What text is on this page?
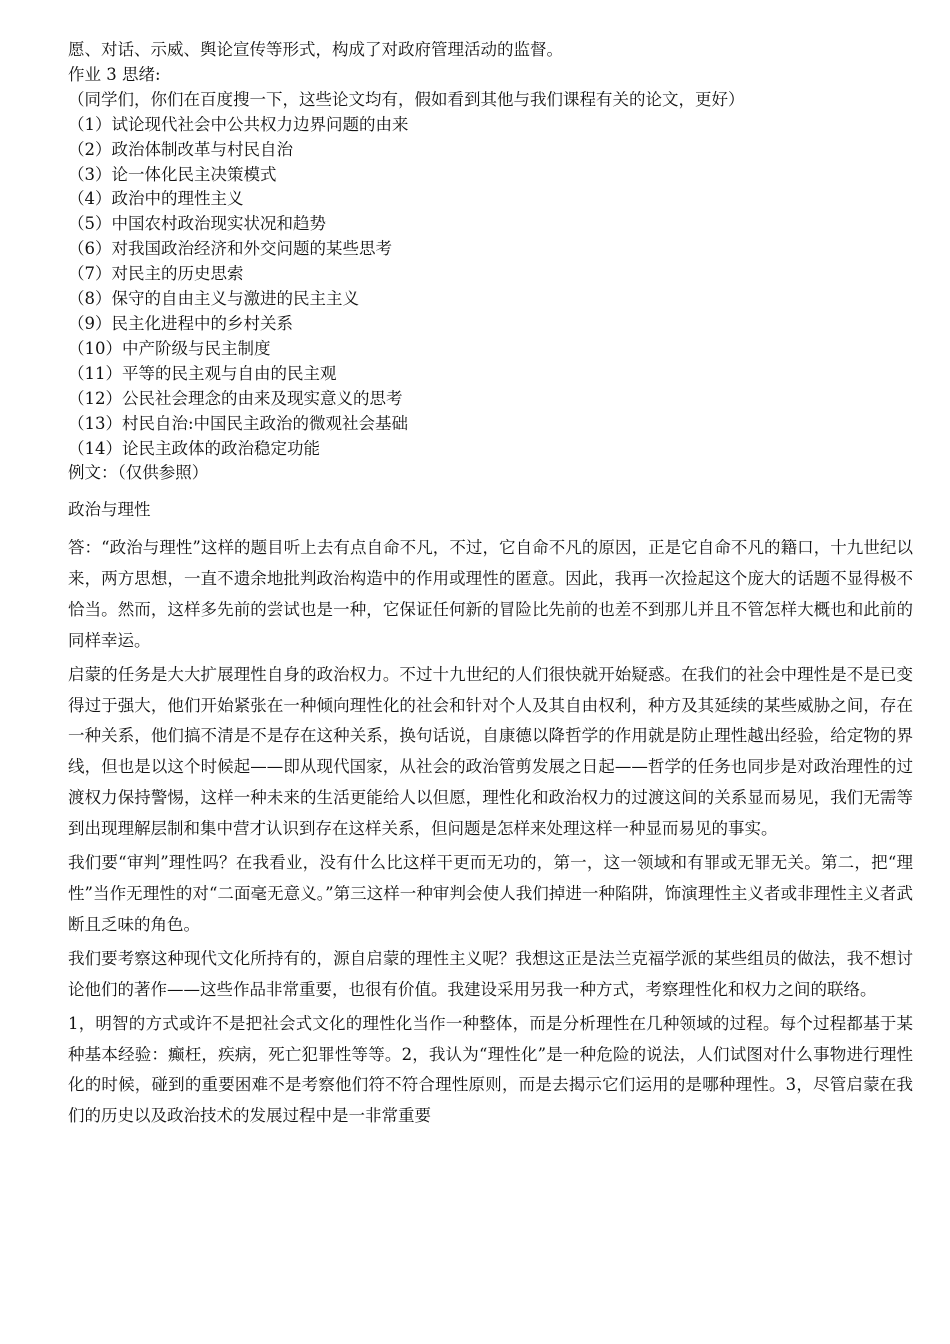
愿、对话、示威、舆论宣传等形式，构成了对政府管理活动的监督。

作业 3 思绪:

（同学们，你们在百度搜一下，这些论文均有，假如看到其他与我们课程有关的论文，更好）

（1）试论现代社会中公共权力边界问题的由来

（2）政治体制改革与村民自治

（3）论一体化民主决策模式

（4）政治中的理性主义

（5）中国农村政治现实状况和趋势

（6）对我国政治经济和外交问题的某些思考

（7）对民主的历史思索

（8）保守的自由主义与激进的民主主义

（9）民主化进程中的乡村关系

（10）中产阶级与民主制度

（11）平等的民主观与自由的民主观

（12）公民社会理念的由来及现实意义的思考

（13）村民自治:中国民主政治的微观社会基础

（14）论民主政体的政治稳定功能

例文：（仅供参照）

政治与理性

答：“政治与理性”这样的题目听上去有点自命不凡，不过，它自命不凡的原因，正是它自命不凡的籍口，十九世纪以来，两方思想，一直不遗余地批判政治构造中的作用或理性的匿意。因此，我再一次捡起这个庞大的话题不显得极不恰当。然而，这样多先前的尝试也是一种，它保证任何新的冒险比先前的也差不到那儿并且不管怎样大概也和此前的同样幸运。

启蒙的任务是大大扩展理性自身的政治权力。不过十九世纪的人们很快就开始疑惑。在我们的社会中理性是不是已变得过于强大，他们开始紧张在一种倾向理性化的社会和针对个人及其自由权利，种方及其延续的某些威胁之间，存在一种关系，他们搞不清是不是存在这种关系，换句话说，自康德以降哲学的作用就是防止理性越出经验，给定物的界线，但也是以这个时候起——即从现代国家，从社会的政治管剪发展之日起——哲学的任务也同步是对政治理性的过渡权力保持警惕，这样一种未来的生活更能给人以但愿，理性化和政治权力的过渡这间的关系显而易见，我们无需等到出现理解层制和集中营才认识到存在这样关系，但问题是怎样来处理这样一种显而易见的事实。

我们要“审判”理性吗？在我看业，没有什么比这样干更而无功的，第一，这一领域和有罪或无罪无关。第二，把“理性”当作无理性的对“二面毫无意义。”第三这样一种审判会使人我们掉进一种陷阱，饰演理性主义者或非理性主义者武断且乏味的角色。

我们要考察这种现代文化所持有的，源自启蒙的理性主义呢？我想这正是法兰克福学派的某些组员的做法，我不想讨论他们的著作——这些作品非常重要，也很有价值。我建设采用另我一种方式，考察理性化和权力之间的联络。

1，明智的方式或许不是把社会式文化的理性化当作一种整体，而是分析理性在几种领域的过程。每个过程都基于某种基本经验：癫枉，疾病，死亡犯罪性等等。2，我认为“理性化”是一种危险的说法，人们试图对什么事物进行理性化的时候，碰到的重要困难不是考察他们符不符合理性原则，而是去揭示它们运用的是哪种理性。3，尽管启蒙在我们的历史以及政治技术的发展过程中是一非常重要
